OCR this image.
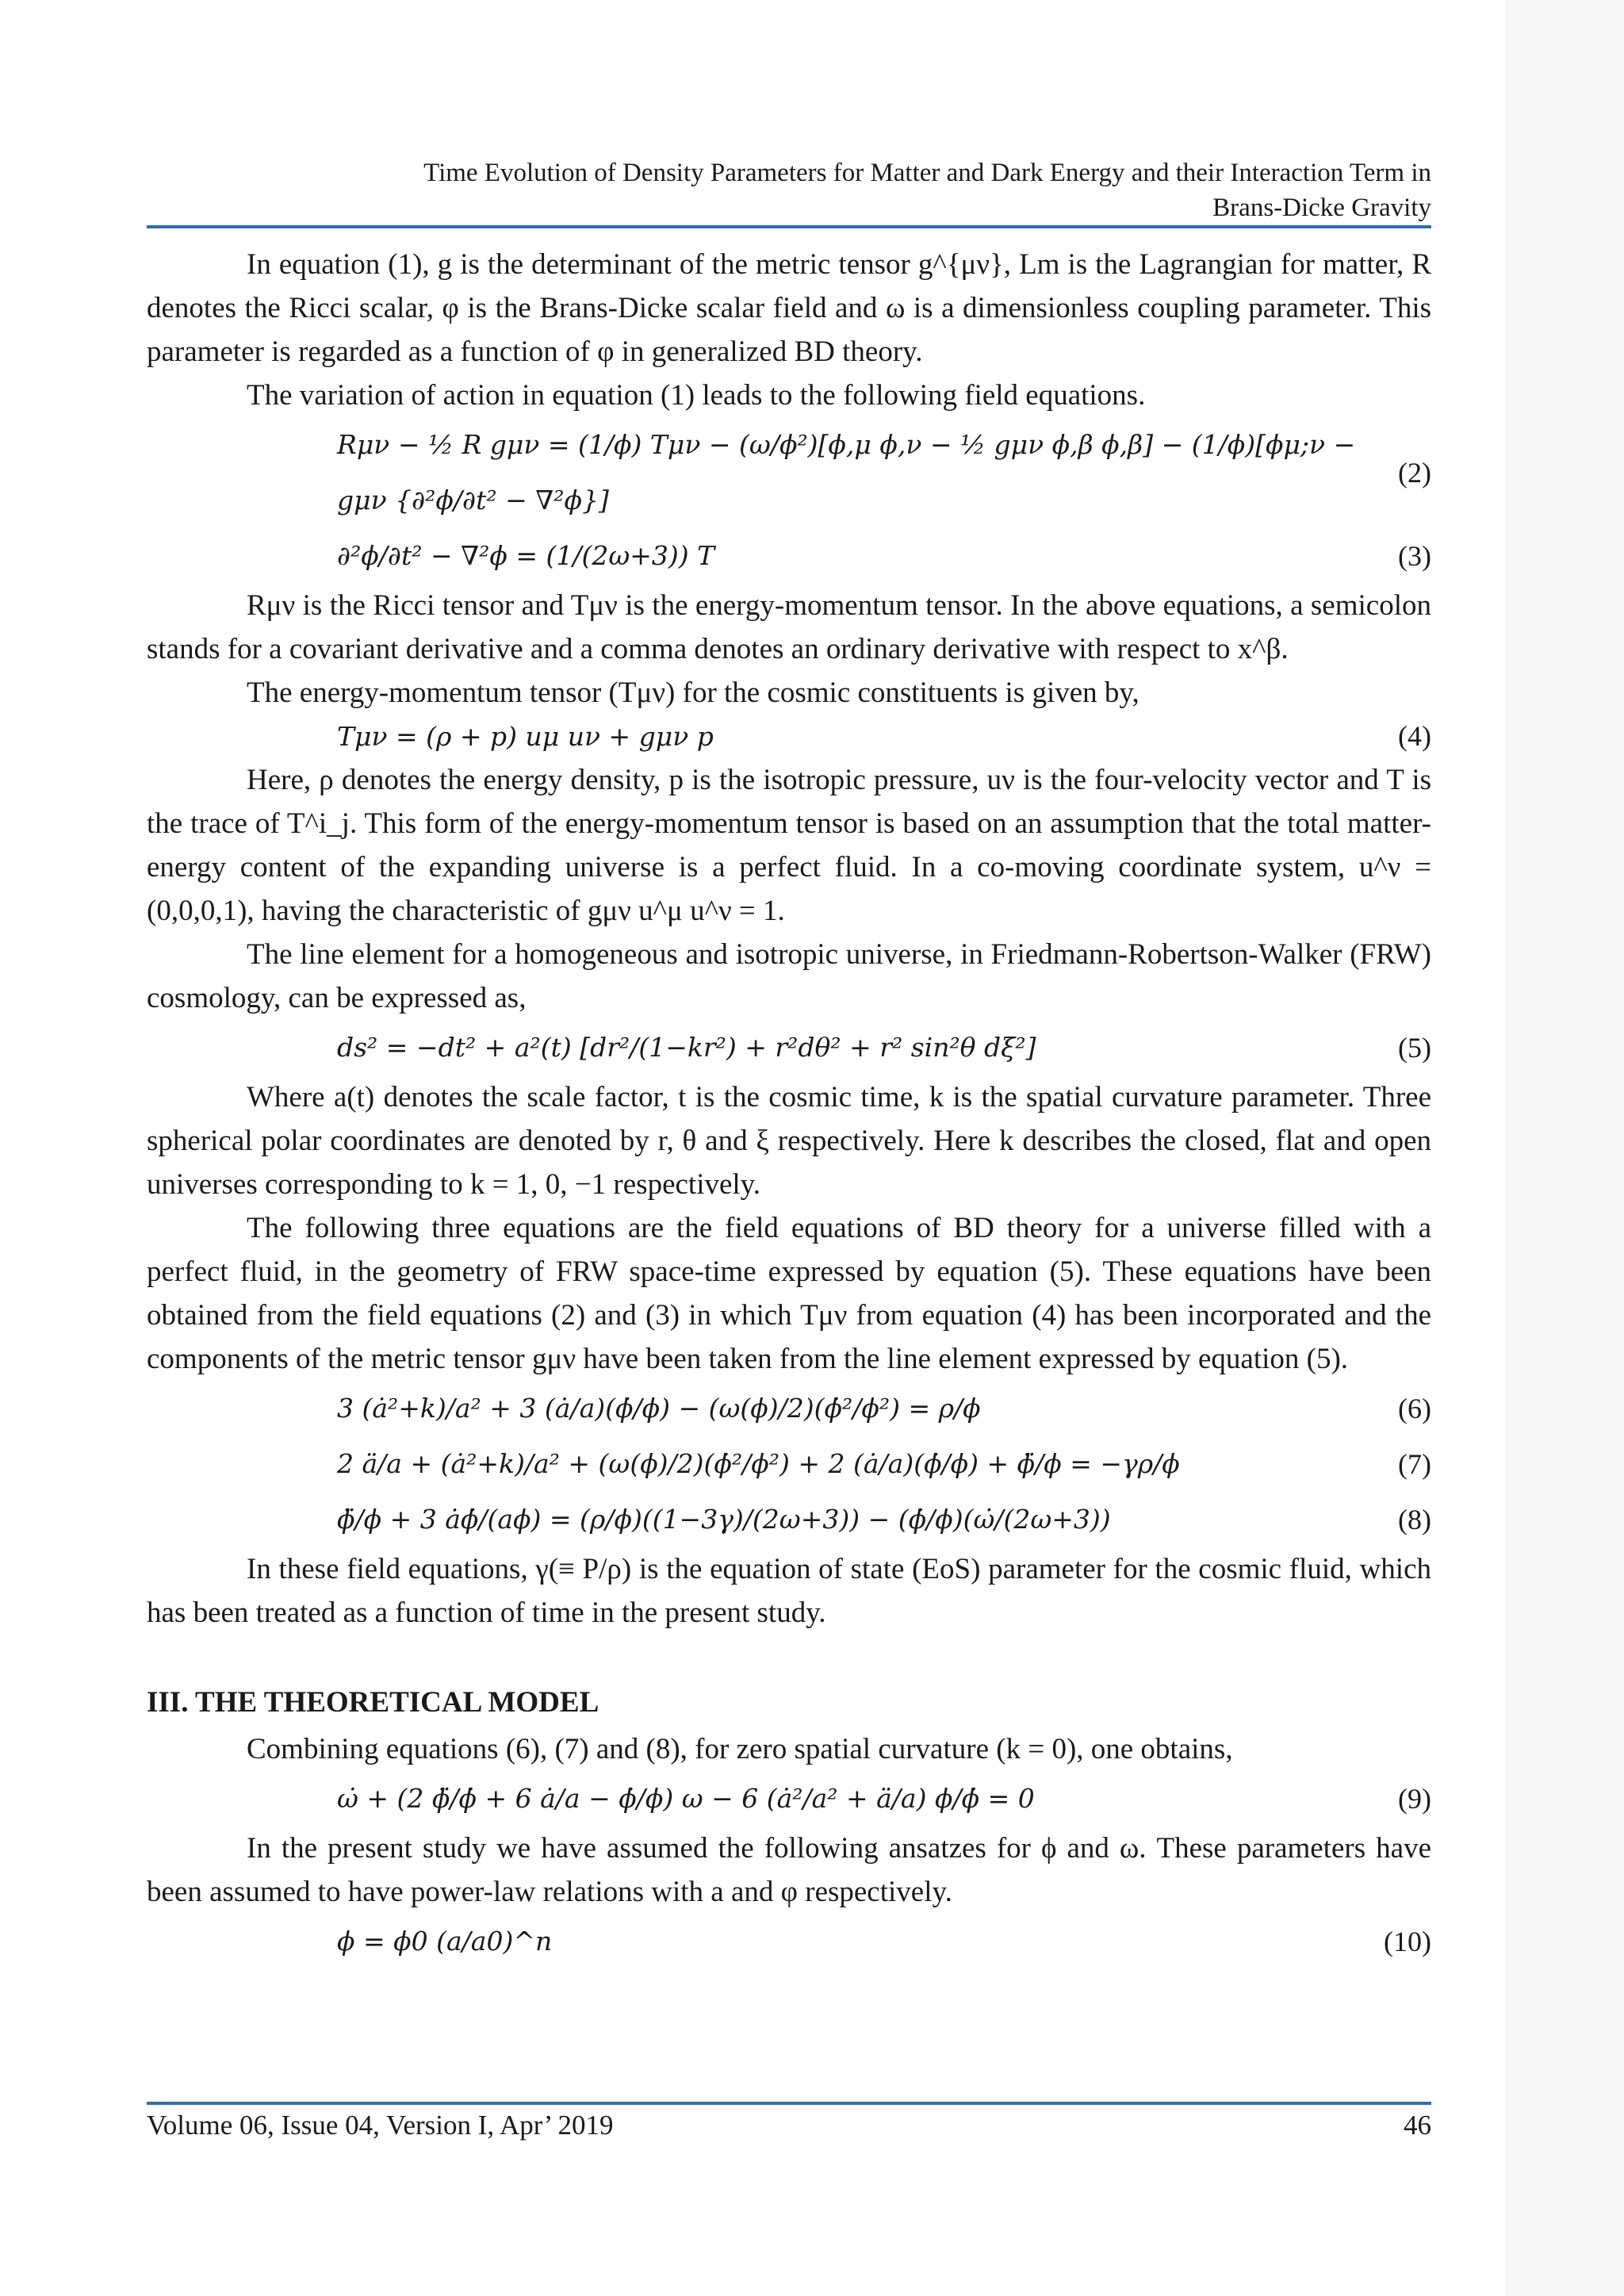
Time Evolution of Density Parameters for Matter and Dark Energy and their Interaction Term in
Brans-Dicke Gravity

In equation (1), g is the determinant of the metric tensor g^{μν}, Lm is the Lagrangian for matter, R denotes the Ricci scalar, φ is the Brans-Dicke scalar field and ω is a dimensionless coupling parameter. This parameter is regarded as a function of φ in generalized BD theory.

The variation of action in equation (1) leads to the following field equations.

Rμν − ½ R gμν = (1/ϕ) Tμν − (ω/ϕ²)[ϕ,μ ϕ,ν − ½ gμν ϕ,β ϕ,β] − (1/ϕ)[ϕμ;ν − gμν {∂²ϕ/∂t² − ∇²ϕ}]
(2)
∂²ϕ/∂t² − ∇²ϕ = (1/(2ω+3)) T	(3)

Rμν is the Ricci tensor and Tμν is the energy-momentum tensor. In the above equations, a semicolon stands for a covariant derivative and a comma denotes an ordinary derivative with respect to x^β.

The energy-momentum tensor (Tμν) for the cosmic constituents is given by,

Tμν = (ρ + p) uμ uν + gμν p	(4)

Here, ρ denotes the energy density, p is the isotropic pressure, uν is the four-velocity vector and T is the trace of T^i_j. This form of the energy-momentum tensor is based on an assumption that the total matter-energy content of the expanding universe is a perfect fluid. In a co-moving coordinate system, u^ν = (0,0,0,1), having the characteristic of gμν u^μ u^ν = 1.

The line element for a homogeneous and isotropic universe, in Friedmann-Robertson-Walker (FRW) cosmology, can be expressed as,

ds² = −dt² + a²(t) [dr²/(1−kr²) + r²dθ² + r² sin²θ dξ²]	(5)

Where a(t) denotes the scale factor, t is the cosmic time, k is the spatial curvature parameter. Three spherical polar coordinates are denoted by r, θ and ξ respectively. Here k describes the closed, flat and open universes corresponding to k = 1, 0, −1 respectively.

The following three equations are the field equations of BD theory for a universe filled with a perfect fluid, in the geometry of FRW space-time expressed by equation (5). These equations have been obtained from the field equations (2) and (3) in which Tμν from equation (4) has been incorporated and the components of the metric tensor gμν have been taken from the line element expressed by equation (5).

3 (ȧ²+k)/a² + 3 (ȧ/a)(ϕ̇/ϕ) − (ω(ϕ)/2)(ϕ̇²/ϕ²) = ρ/ϕ	(6)
2 ä/a + (ȧ²+k)/a² + (ω(ϕ)/2)(ϕ̇²/ϕ²) + 2 (ȧ/a)(ϕ̇/ϕ) + ϕ̈/ϕ = −γρ/ϕ	(7)
ϕ̈/ϕ + 3 ȧϕ̇/(aϕ) = (ρ/ϕ)((1−3γ)/(2ω+3)) − (ϕ̇/ϕ)(ω̇/(2ω+3))	(8)

In these field equations, γ(≡ P/ρ) is the equation of state (EoS) parameter for the cosmic fluid, which has been treated as a function of time in the present study.

III. THE THEORETICAL MODEL

Combining equations (6), (7) and (8), for zero spatial curvature (k = 0), one obtains,

ω̇ + (2 ϕ̈/ϕ̇ + 6 ȧ/a − ϕ̇/ϕ) ω − 6 (ȧ²/a² + ä/a) ϕ/ϕ̇ = 0	(9)

In the present study we have assumed the following ansatzes for ϕ and ω. These parameters have been assumed to have power-law relations with a and φ respectively.

ϕ = ϕ0 (a/a0)^n	(10)
Volume 06, Issue 04, Version I, Apr’ 2019	46
